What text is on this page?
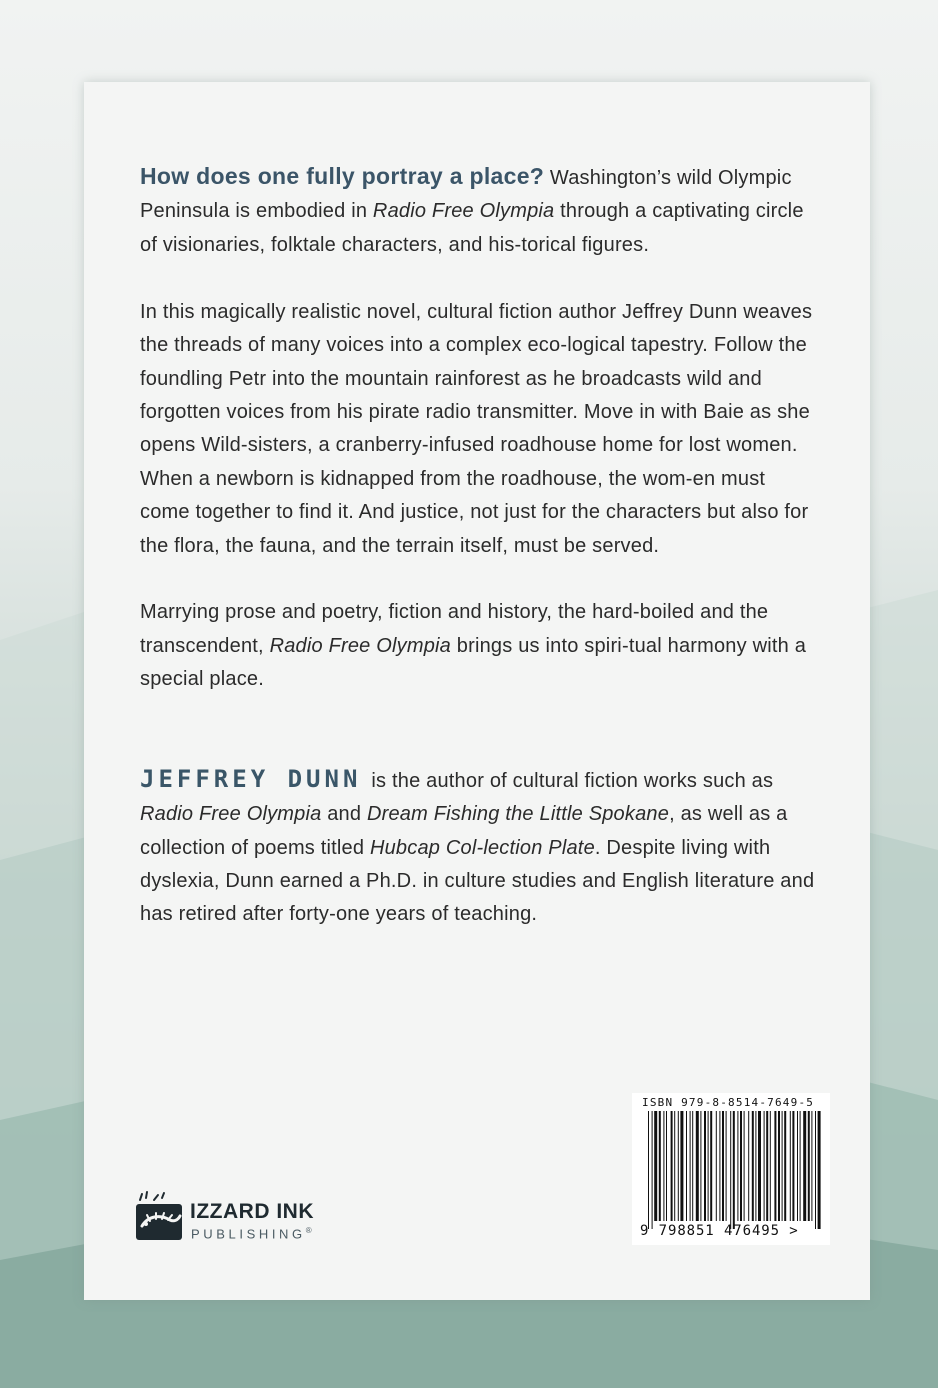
How does one fully portray a place? Washington’s wild Olympic Peninsula is embodied in Radio Free Olympia through a captivating circle of visionaries, folktale characters, and his-torical figures.

In this magically realistic novel, cultural fiction author Jeffrey Dunn weaves the threads of many voices into a complex eco-logical tapestry. Follow the foundling Petr into the mountain rainforest as he broadcasts wild and forgotten voices from his pirate radio transmitter. Move in with Baie as she opens Wild-sisters, a cranberry-infused roadhouse home for lost women. When a newborn is kidnapped from the roadhouse, the wom-en must come together to find it. And justice, not just for the characters but also for the flora, the fauna, and the terrain itself, must be served.

Marrying prose and poetry, fiction and history, the hard-boiled and the transcendent, Radio Free Olympia brings us into spiri-tual harmony with a special place.

JEFFREY DUNN is the author of cultural fiction works such as Radio Free Olympia and Dream Fishing the Little Spokane, as well as a collection of poems titled Hubcap Col-lection Plate. Despite living with dyslexia, Dunn earned a Ph.D. in culture studies and English literature and has retired after forty-one years of teaching.

IZZARD INK
PUBLISHING®
ISBN 979-8-8514-7649-5
9 798851 476495 >
